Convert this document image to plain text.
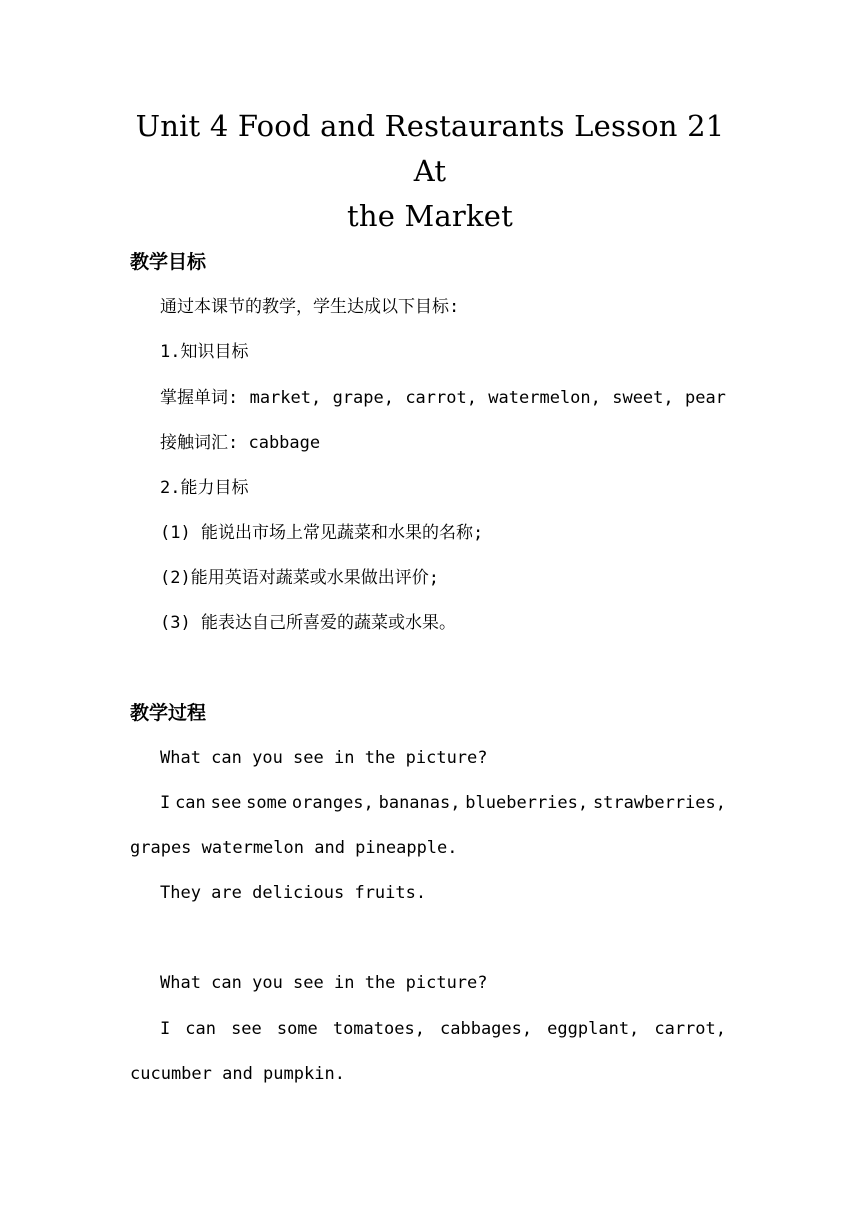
Unit 4 Food and Restaurants Lesson 21 At
the Market
教学目标
通过本课节的教学，学生达成以下目标:
1.知识目标
掌握单词: market, grape, carrot, watermelon, sweet, pear
接触词汇: cabbage
2.能力目标
(1) 能说出市场上常见蔬菜和水果的名称;
(2)能用英语对蔬菜或水果做出评价;
(3) 能表达自己所喜爱的蔬菜或水果。
教学过程
What can you see in the picture?
I can see some oranges, bananas, blueberries, strawberries,
grapes watermelon and pineapple.
They are delicious fruits.
What can you see in the picture?
I can see some tomatoes, cabbages, eggplant, carrot,
cucumber and pumpkin.
